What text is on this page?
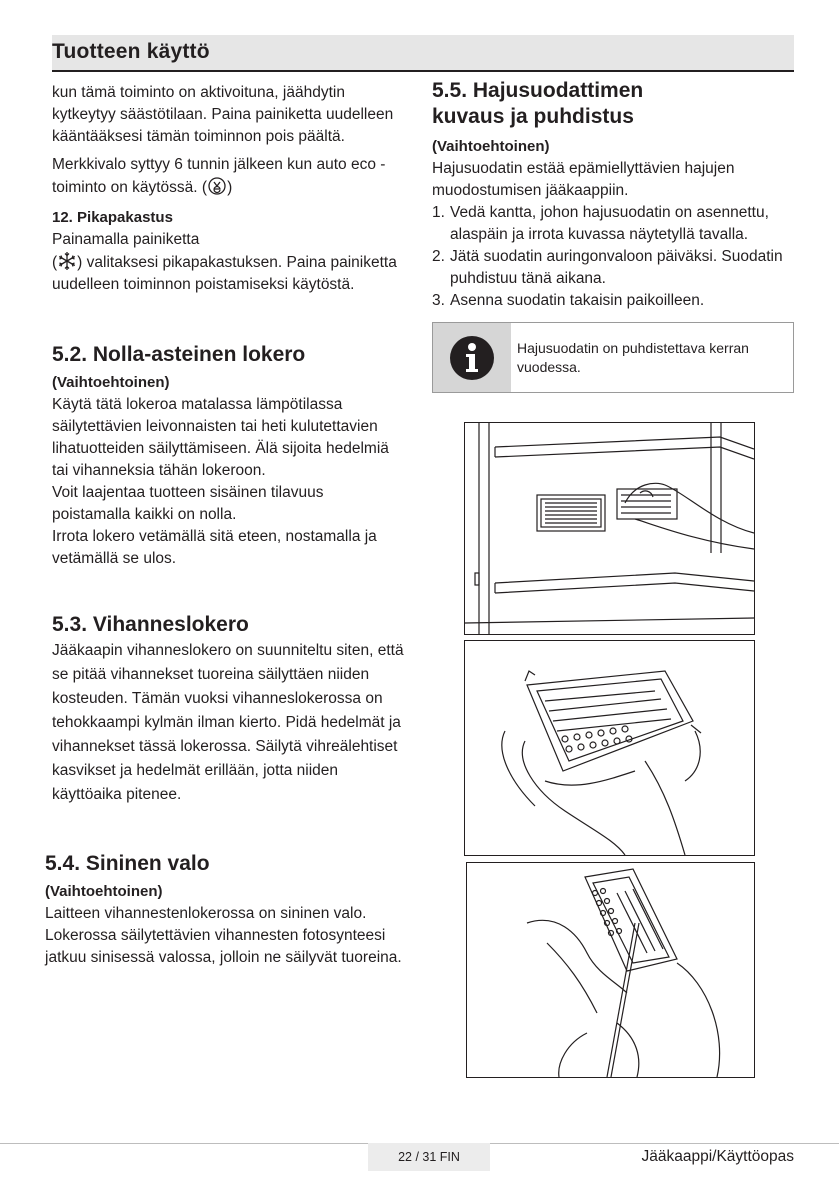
Tuotteen käyttö

kun tämä toiminto on aktivoituna, jäähdytin kytkeytyy säästötilaan. Paina painiketta uudelleen kääntääksesi tämän toiminnon pois päältä.

Merkkivalo syttyy 6 tunnin jälkeen kun auto eco -toiminto on käytössä. ( )

12. Pikapakastus

Painamalla painiketta

( ) valitaksesi pikapakastuksen. Paina painiketta uudelleen toiminnon poistamiseksi käytöstä.

5.2. Nolla-asteinen lokero
(Vaihtoehtoinen)

Käytä tätä lokeroa matalassa lämpötilassa

säilytettävien leivonnaisten tai heti kulutettavien

lihatuotteiden säilyttämiseen. Älä sijoita hedelmiä

tai vihanneksia tähän lokeroon.

Voit laajentaa tuotteen sisäinen tilavuus

poistamalla kaikki on nolla.

Irrota lokero vetämällä sitä eteen, nostamalla ja

vetämällä se ulos.

5.3. Vihanneslokero

Jääkaapin vihanneslokero on suunniteltu siten, että se pitää vihannekset tuoreina säilyttäen niiden kosteuden. Tämän vuoksi vihanneslokerossa on tehokkaampi kylmän ilman kierto. Pidä hedelmät ja vihannekset tässä lokerossa. Säilytä vihreälehtiset kasvikset ja hedelmät erillään, jotta niiden käyttöaika pitenee.

5.4. Sininen valo
(Vaihtoehtoinen)

Laitteen vihannestenlokerossa on sininen valo. Lokerossa säilytettävien vihannesten fotosynteesi jatkuu sinisessä valossa, jolloin ne säilyvät tuoreina.

5.5. Hajusuodattimen
kuvaus ja puhdistus
(Vaihtoehtoinen)

Hajusuodatin estää epämiellyttävien hajujen muodostumisen jääkaappiin.

1. Vedä kantta, johon hajusuodatin on asennettu, alaspäin ja irrota kuvassa näytetyllä tavalla.
2. Jätä suodatin auringonvaloon päiväksi. Suodatin puhdistuu tänä aikana.
3. Asenna suodatin takaisin paikoilleen.
Hajusuodatin on puhdistettava kerran vuodessa.
22 / 31 FIN	Jääkaappi/Käyttöopas
